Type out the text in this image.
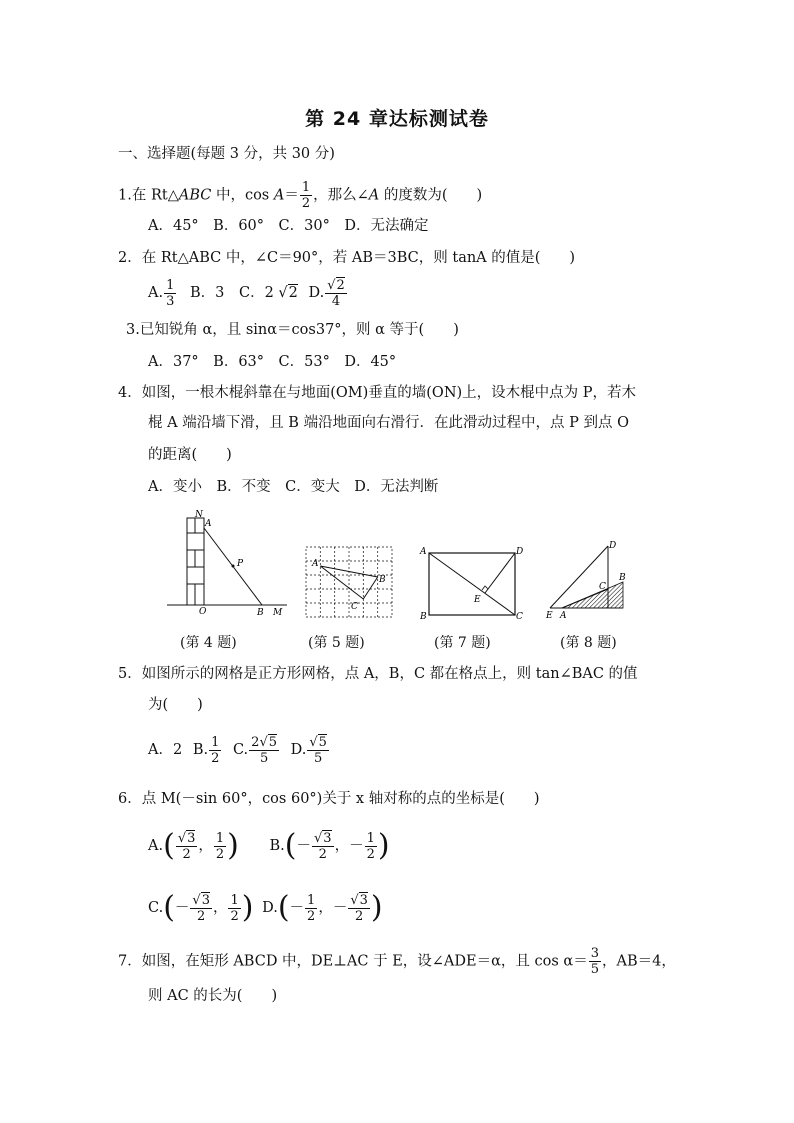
第 24 章达标测试卷
一、选择题(每题 3 分，共 30 分)
1.在 Rt△ABC 中，$\cos A= \frac{1}{2}$ ，那么∠A 的度数为(　　)
A．45°　B．60°　C．30°　D．无法确定
2．在 Rt△ABC 中，∠C＝90°，若 AB＝3BC，则 tanA 的值是(　　)
A. $\frac{1}{3}$ B．3 C．2 √2 D. $\frac{√2}{4}$
3.已知锐角 α，且 sinα＝cos37°，则 α 等于(　　)
A．37°　B．63°　C．53°　D．45°
4．如图，一根木棍斜靠在与地面(OM)垂直的墙(ON)上，设木棍中点为 P，若木
棍 A 端沿墙下滑，且 B 端沿地面向右滑行．在此滑动过程中，点 P 到点 O
的距离(　　)
A．变小　B．不变　C．变大　D．无法判断
N
A
P
O	B M
(第 4 题)
A
B
C
(第 5 题)
A	D
E
B	C
(第 7 题)
D
C
B
E A
(第 8 题)
5．如图所示的网格是正方形网格，点 A，B，C 都在格点上，则 tan∠BAC 的值
为(　　)
A．2 B. $\frac{1}{2} C$. $\frac{2√5}{5} D$. $\frac{√5}{5}$
6．点 M(－sin 60°，cos 60°)关于 x 轴对称的点的坐标是(　　)
$A.( \frac{√3}{2}$ ， $\frac{1}{2}$ ) $B.(- \frac{√3}{2}$ ，－ $\frac{1}{2}$ )
$C.(- \frac{√3}{2}$ ， $\frac{1}{2}$ ) $D.(- \frac{1}{2}$ ，－ $\frac{√3}{2}$ )
7．如图，在矩形 ABCD 中，DE⊥AC 于 E，设∠ADE＝α，且 $\cos \alpha= \frac{3}{5}$ ，AB＝4，
则 AC 的长为(　　)
